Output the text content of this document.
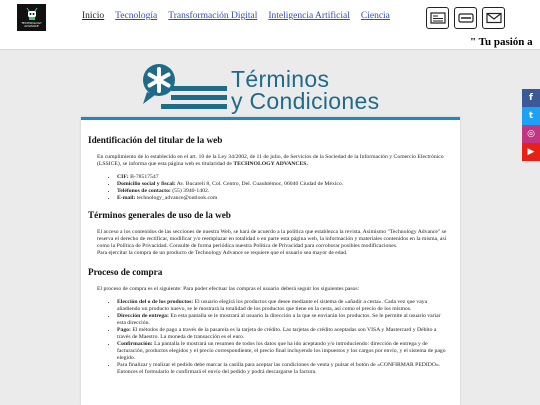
TECHNOLOGY
ADVANCE
Inicio Tecnología Transformación Digital Inteligencia Artificial Ciencia
" Tu pasión a
Términos
y Condiciones
Identificación del titular de la web

En cumplimiento de lo establecido en el art. 10 de la Ley 34/2002, de 11 de julio, de Servicios de la Sociedad de la Información y Comercio Electrónico (LSSICE), se informa que esta página web es titularidad de TECHNOLOGY ADVANCES.

• CIF: B-78517547
• Domicilio social y fiscal: Av. Bucareli 8, Col. Centro, Del. Cuauhtémoc, 06040 Ciudad de México.
• Teléfonos de contacto: (55) 3940-1402.
• E-mail: technology_advance@outlook.com
Términos generales de uso de la web

El acceso a los contenidos de las secciones de nuestra Web, se hará de acuerdo a la política que establezca la revista. Asimismo "Technology Advance" se reserva el derecho de rectificar, modificar y/o reemplazar en totalidad o en parte esta página web, la información y materiales contenidos en la misma, así como la Política de Privacidad. Consulte de forma periódica nuestra Política de Privacidad para corroborar posibles modificaciones.

Para ejercitar la compra de un producto de Technology Advance se requiere que el usuario sea mayor de edad.

Proceso de compra

El proceso de compra es el siguiente: Para poder efectuar las compras el usuario deberá seguir los siguientes pasos:

• Elección del o de los productos: El usuario elegirá los productos que desee mediante el sistema de «añadir a cesta». Cada vez que vaya añadiendo un producto nuevo, se le mostrará la totalidad de los productos que tiene en la cesta, así como el precio de los mismos.
• Dirección de entrega: En esta pantalla se le mostrará al usuario la dirección a la que se enviarán los productos. Se le permite al usuario variar esta dirección.
• Pago: El métodos de pago a través de la pasarela es la tarjeta de crédito. Las tarjetas de crédito aceptadas son VISA y Mastercard y Débito a través de Maestro. La moneda de transacción es el euro.
• Confirmación: La pantalla le mostrará un resumen de todos los datos que ha ido aceptando y/o introduciendo: dirección de entrega y de facturación, productos elegidos y el precio correspondiente, el precio final incluyendo los impuestos y los cargos por envío, y el sistema de pago elegido.
• Para finalizar y realizar el pedido debe marcar la casilla para aceptar las condiciones de venta y pulsar el botón de «CONFIRMAR PEDIDO». Entonces el formulario le confirmará el envío del pedido y podrá descargarse la factura.
f
t
◎
▶
